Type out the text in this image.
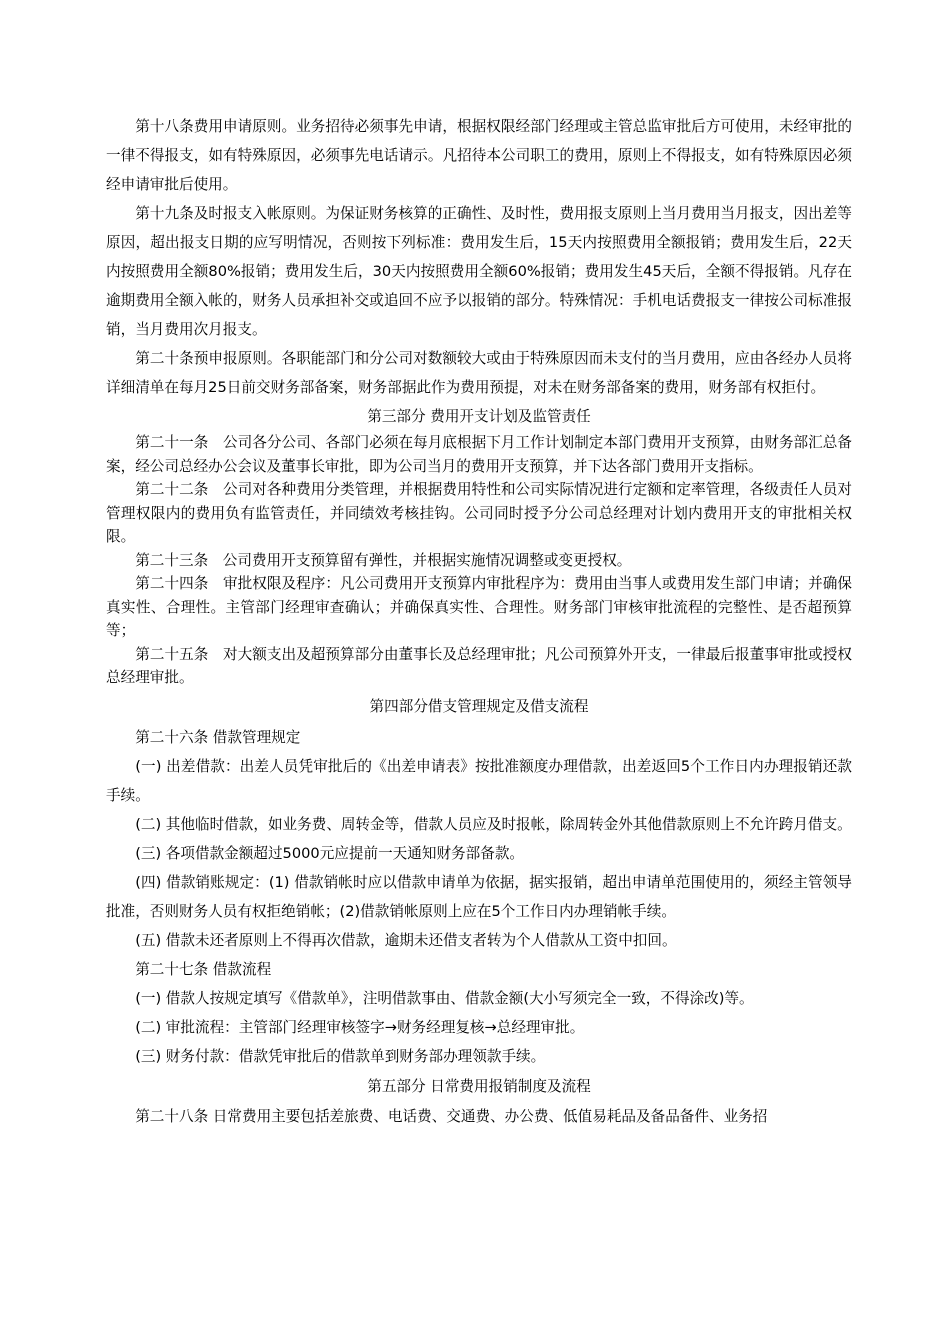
第十八条费用申请原则。业务招待必须事先申请，根据权限经部门经理或主管总监审批后方可使用，未经审批的一律不得报支，如有特殊原因，必须事先电话请示。凡招待本公司职工的费用，原则上不得报支，如有特殊原因必须经申请审批后使用。

第十九条及时报支入帐原则。为保证财务核算的正确性、及时性，费用报支原则上当月费用当月报支，因出差等原因，超出报支日期的应写明情况，否则按下列标准：费用发生后，15天内按照费用全额报销；费用发生后，22天内按照费用全额80%报销；费用发生后，30天内按照费用全额60%报销；费用发生45天后，全额不得报销。凡存在逾期费用全额入帐的，财务人员承担补交或追回不应予以报销的部分。特殊情况：手机电话费报支一律按公司标准报销，当月费用次月报支。

第二十条预申报原则。各职能部门和分公司对数额较大或由于特殊原因而未支付的当月费用，应由各经办人员将详细清单在每月25日前交财务部备案，财务部据此作为费用预提，对未在财务部备案的费用，财务部有权拒付。

第三部分 费用开支计划及监管责任

第二十一条　公司各分公司、各部门必须在每月底根据下月工作计划制定本部门费用开支预算，由财务部汇总备案，经公司总经办公会议及董事长审批，即为公司当月的费用开支预算，并下达各部门费用开支指标。

第二十二条　公司对各种费用分类管理，并根据费用特性和公司实际情况进行定额和定率管理，各级责任人员对管理权限内的费用负有监管责任，并同绩效考核挂钩。公司同时授予分公司总经理对计划内费用开支的审批相关权限。

第二十三条　公司费用开支预算留有弹性，并根据实施情况调整或变更授权。

第二十四条　审批权限及程序：凡公司费用开支预算内审批程序为：费用由当事人或费用发生部门申请；并确保真实性、合理性。主管部门经理审查确认；并确保真实性、合理性。财务部门审核审批流程的完整性、是否超预算等；

第二十五条　对大额支出及超预算部分由董事长及总经理审批；凡公司预算外开支，一律最后报董事审批或授权总经理审批。

第四部分借支管理规定及借支流程

第二十六条 借款管理规定

(一) 出差借款：出差人员凭审批后的《出差申请表》按批准额度办理借款，出差返回5个工作日内办理报销还款手续。

(二) 其他临时借款，如业务费、周转金等，借款人员应及时报帐，除周转金外其他借款原则上不允许跨月借支。

(三) 各项借款金额超过5000元应提前一天通知财务部备款。

(四) 借款销账规定：(1) 借款销帐时应以借款申请单为依据，据实报销，超出申请单范围使用的，须经主管领导批准，否则财务人员有权拒绝销帐；(2)借款销帐原则上应在5个工作日内办理销帐手续。

(五) 借款未还者原则上不得再次借款，逾期未还借支者转为个人借款从工资中扣回。

第二十七条 借款流程

(一) 借款人按规定填写《借款单》，注明借款事由、借款金额(大小写须完全一致，不得涂改)等。

(二) 审批流程：主管部门经理审核签字→财务经理复核→总经理审批。

(三) 财务付款：借款凭审批后的借款单到财务部办理领款手续。

第五部分 日常费用报销制度及流程

第二十八条 日常费用主要包括差旅费、电话费、交通费、办公费、低值易耗品及备品备件、业务招
